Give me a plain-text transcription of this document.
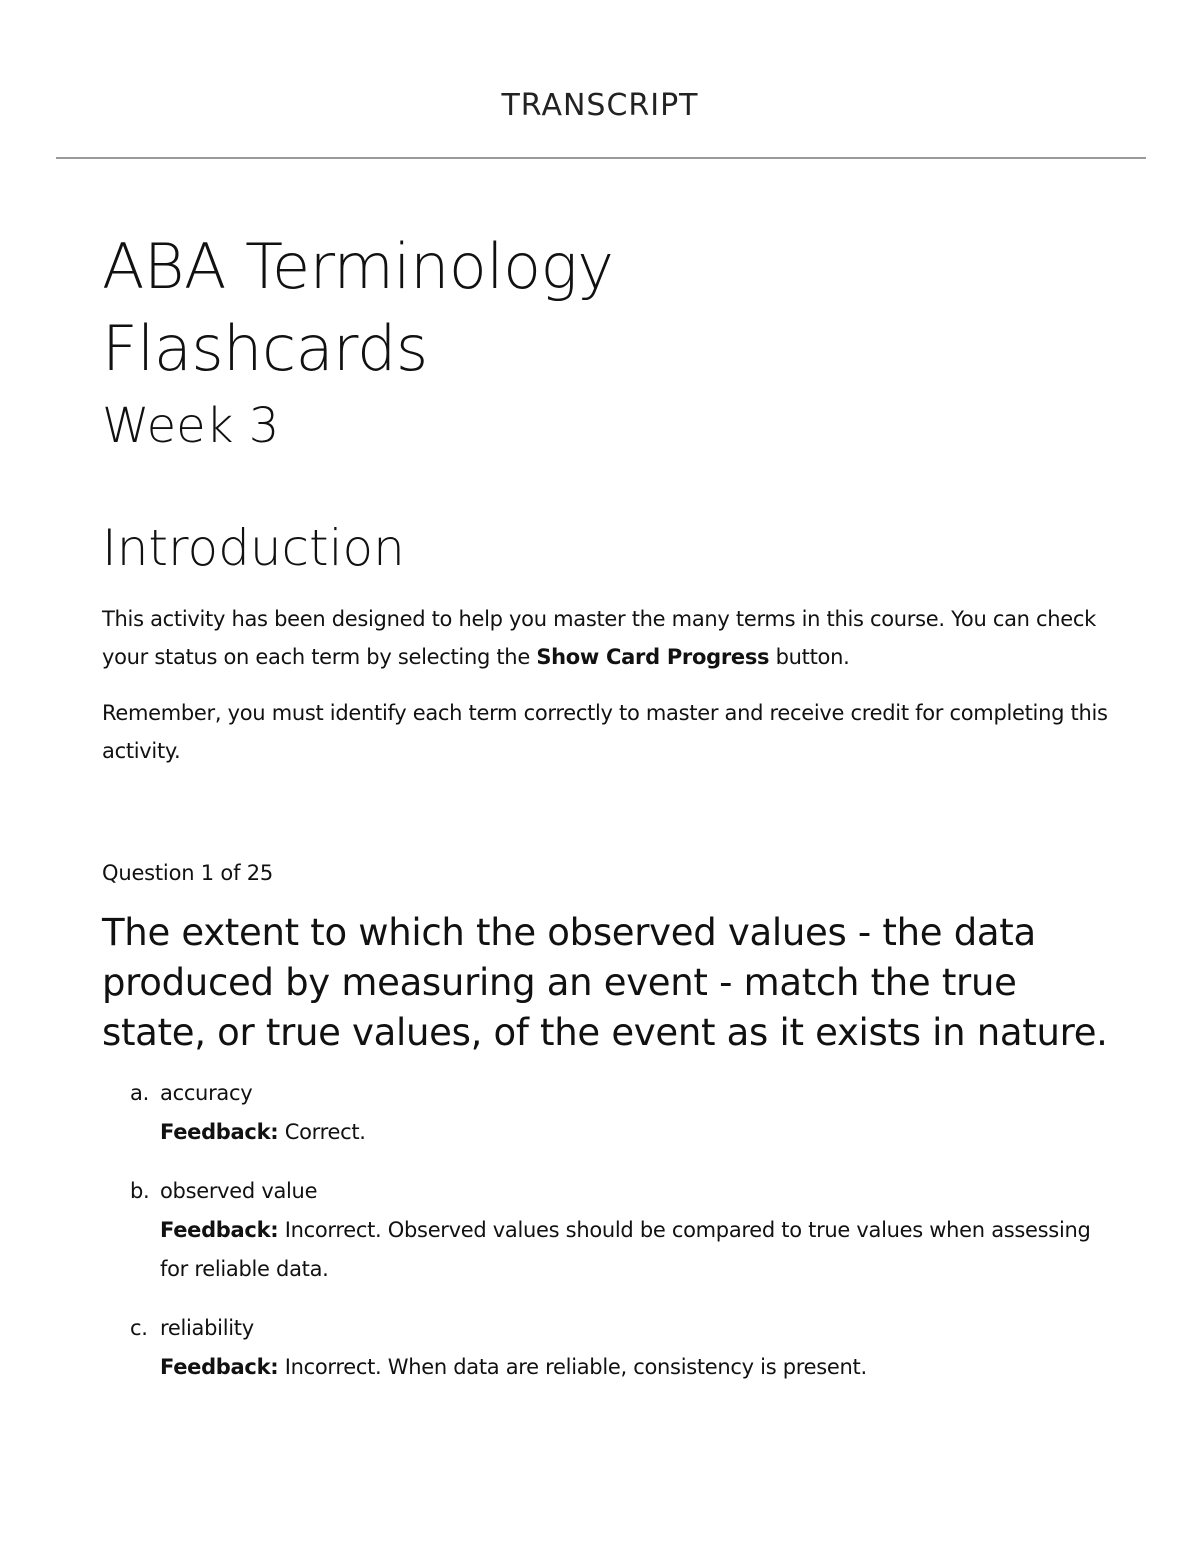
TRANSCRIPT
ABA Terminology
Flashcards
Week 3
Introduction

This activity has been designed to help you master the many terms in this course. You can check your status on each term by selecting the Show Card Progress button.

Remember, you must identify each term correctly to master and receive credit for completing this activity.

Question 1 of 25
The extent to which the observed values - the data produced by measuring an event - match the true state, or true values, of the event as it exists in nature.
a. accuracy
Feedback: Correct.
b. observed value
Feedback: Incorrect. Observed values should be compared to true values when assessing for reliable data.
c. reliability
Feedback: Incorrect. When data are reliable, consistency is present.
